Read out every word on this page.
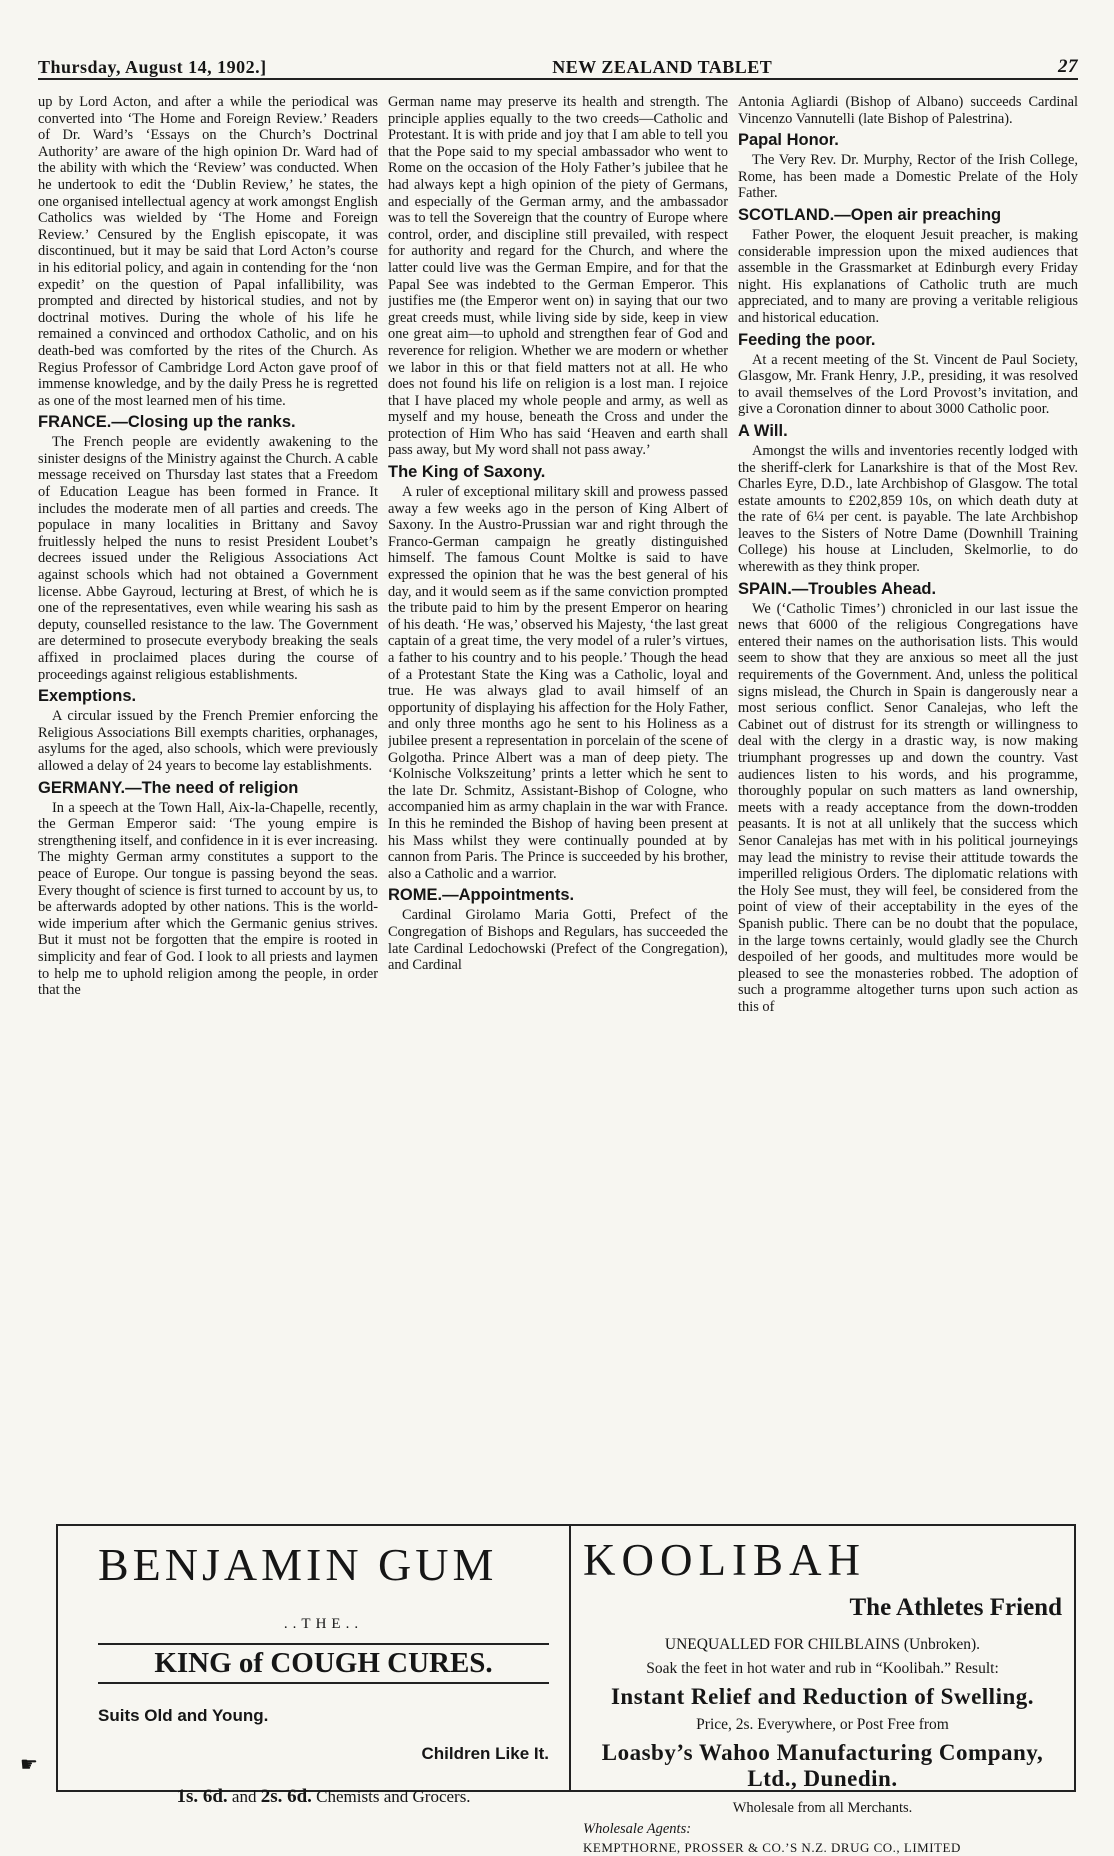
Thursday, August 14, 1902.]	NEW ZEALAND TABLET	27

up by Lord Acton, and after a while the periodical was converted into ‘The Home and Foreign Review.’ Readers of Dr. Ward’s ‘Essays on the Church’s Doctrinal Authority’ are aware of the high opinion Dr. Ward had of the ability with which the ‘Review’ was conducted. When he undertook to edit the ‘Dublin Review,’ he states, the one organised intellectual agency at work amongst English Catholics was wielded by ‘The Home and Foreign Review.’ Censured by the English episcopate, it was discontinued, but it may be said that Lord Acton’s course in his editorial policy, and again in contending for the ‘non expedit’ on the question of Papal infallibility, was prompted and directed by historical studies, and not by doctrinal motives. During the whole of his life he remained a convinced and orthodox Catholic, and on his death-bed was comforted by the rites of the Church. As Regius Professor of Cambridge Lord Acton gave proof of immense knowledge, and by the daily Press he is regretted as one of the most learned men of his time.

FRANCE.—Closing up the ranks.

The French people are evidently awakening to the sinister designs of the Ministry against the Church. A cable message received on Thursday last states that a Freedom of Education League has been formed in France. It includes the moderate men of all parties and creeds. The populace in many localities in Brittany and Savoy fruitlessly helped the nuns to resist President Loubet’s decrees issued under the Religious Associations Act against schools which had not obtained a Government license. Abbe Gayroud, lecturing at Brest, of which he is one of the representatives, even while wearing his sash as deputy, counselled resistance to the law. The Government are determined to prosecute everybody breaking the seals affixed in proclaimed places during the course of proceedings against religious establishments.

Exemptions.

A circular issued by the French Premier enforcing the Religious Associations Bill exempts charities, orphanages, asylums for the aged, also schools, which were previously allowed a delay of 24 years to become lay establishments.

GERMANY.—The need of religion

In a speech at the Town Hall, Aix-la-Chapelle, recently, the German Emperor said: ‘The young empire is strengthening itself, and confidence in it is ever increasing. The mighty German army constitutes a support to the peace of Europe. Our tongue is passing beyond the seas. Every thought of science is first turned to account by us, to be afterwards adopted by other nations. This is the world-wide imperium after which the Germanic genius strives. But it must not be forgotten that the empire is rooted in simplicity and fear of God. I look to all priests and laymen to help me to uphold religion among the people, in order that the

German name may preserve its health and strength. The principle applies equally to the two creeds—Catholic and Protestant. It is with pride and joy that I am able to tell you that the Pope said to my special ambassador who went to Rome on the occasion of the Holy Father’s jubilee that he had always kept a high opinion of the piety of Germans, and especially of the German army, and the ambassador was to tell the Sovereign that the country of Europe where control, order, and discipline still prevailed, with respect for authority and regard for the Church, and where the latter could live was the German Empire, and for that the Papal See was indebted to the German Emperor. This justifies me (the Emperor went on) in saying that our two great creeds must, while living side by side, keep in view one great aim—to uphold and strengthen fear of God and reverence for religion. Whether we are modern or whether we labor in this or that field matters not at all. He who does not found his life on religion is a lost man. I rejoice that I have placed my whole people and army, as well as myself and my house, beneath the Cross and under the protection of Him Who has said ‘Heaven and earth shall pass away, but My word shall not pass away.’

The King of Saxony.

A ruler of exceptional military skill and prowess passed away a few weeks ago in the person of King Albert of Saxony. In the Austro-Prussian war and right through the Franco-German campaign he greatly distinguished himself. The famous Count Moltke is said to have expressed the opinion that he was the best general of his day, and it would seem as if the same conviction prompted the tribute paid to him by the present Emperor on hearing of his death. ‘He was,’ observed his Majesty, ‘the last great captain of a great time, the very model of a ruler’s virtues, a father to his country and to his people.’ Though the head of a Protestant State the King was a Catholic, loyal and true. He was always glad to avail himself of an opportunity of displaying his affection for the Holy Father, and only three months ago he sent to his Holiness as a jubilee present a representation in porcelain of the scene of Golgotha. Prince Albert was a man of deep piety. The ‘Kolnische Volkszeitung’ prints a letter which he sent to the late Dr. Schmitz, Assistant-Bishop of Cologne, who accompanied him as army chaplain in the war with France. In this he reminded the Bishop of having been present at his Mass whilst they were continually pounded at by cannon from Paris. The Prince is succeeded by his brother, also a Catholic and a warrior.

ROME.—Appointments.

Cardinal Girolamo Maria Gotti, Prefect of the Congregation of Bishops and Regulars, has succeeded the late Cardinal Ledochowski (Prefect of the Congregation), and Cardinal

Antonia Agliardi (Bishop of Albano) succeeds Cardinal Vincenzo Vannutelli (late Bishop of Palestrina).

Papal Honor.

The Very Rev. Dr. Murphy, Rector of the Irish College, Rome, has been made a Domestic Prelate of the Holy Father.

SCOTLAND.—Open air preaching

Father Power, the eloquent Jesuit preacher, is making considerable impression upon the mixed audiences that assemble in the Grassmarket at Edinburgh every Friday night. His explanations of Catholic truth are much appreciated, and to many are proving a veritable religious and historical education.

Feeding the poor.

At a recent meeting of the St. Vincent de Paul Society, Glasgow, Mr. Frank Henry, J.P., presiding, it was resolved to avail themselves of the Lord Provost’s invitation, and give a Coronation dinner to about 3000 Catholic poor.

A Will.

Amongst the wills and inventories recently lodged with the sheriff-clerk for Lanarkshire is that of the Most Rev. Charles Eyre, D.D., late Archbishop of Glasgow. The total estate amounts to £202,859 10s, on which death duty at the rate of 6¼ per cent. is payable. The late Archbishop leaves to the Sisters of Notre Dame (Downhill Training College) his house at Lincluden, Skelmorlie, to do wherewith as they think proper.

SPAIN.—Troubles Ahead.

We (‘Catholic Times’) chronicled in our last issue the news that 6000 of the religious Congregations have entered their names on the authorisation lists. This would seem to show that they are anxious so meet all the just requirements of the Government. And, unless the political signs mislead, the Church in Spain is dangerously near a most serious conflict. Senor Canalejas, who left the Cabinet out of distrust for its strength or willingness to deal with the clergy in a drastic way, is now making triumphant progresses up and down the country. Vast audiences listen to his words, and his programme, thoroughly popular on such matters as land ownership, meets with a ready acceptance from the down-trodden peasants. It is not at all unlikely that the success which Senor Canalejas has met with in his political journeyings may lead the ministry to revise their attitude towards the imperilled religious Orders. The diplomatic relations with the Holy See must, they will feel, be considered from the point of view of their acceptability in the eyes of the Spanish public. There can be no doubt that the populace, in the large towns certainly, would gladly see the Church despoiled of her goods, and multitudes more would be pleased to see the monasteries robbed. The adoption of such a programme altogether turns upon such action as this of

☛
BENJAMIN GUM
..THE..
KING of COUGH CURES.
Suits Old and Young.
Children Like It.
1s. 6d. and 2s. 6d. Chemists and Grocers.
KOOLIBAH
The Athletes Friend
UNEQUALLED FOR CHILBLAINS (Unbroken).
Soak the feet in hot water and rub in “Koolibah.” Result:
Instant Relief and Reduction of Swelling.
Price, 2s. Everywhere, or Post Free from
Loasby’s Wahoo Manufacturing Company, Ltd., Dunedin.
Wholesale from all Merchants.
Wholesale Agents:
KEMPTHORNE, PROSSER & CO.’S N.Z. DRUG CO., LIMITED
